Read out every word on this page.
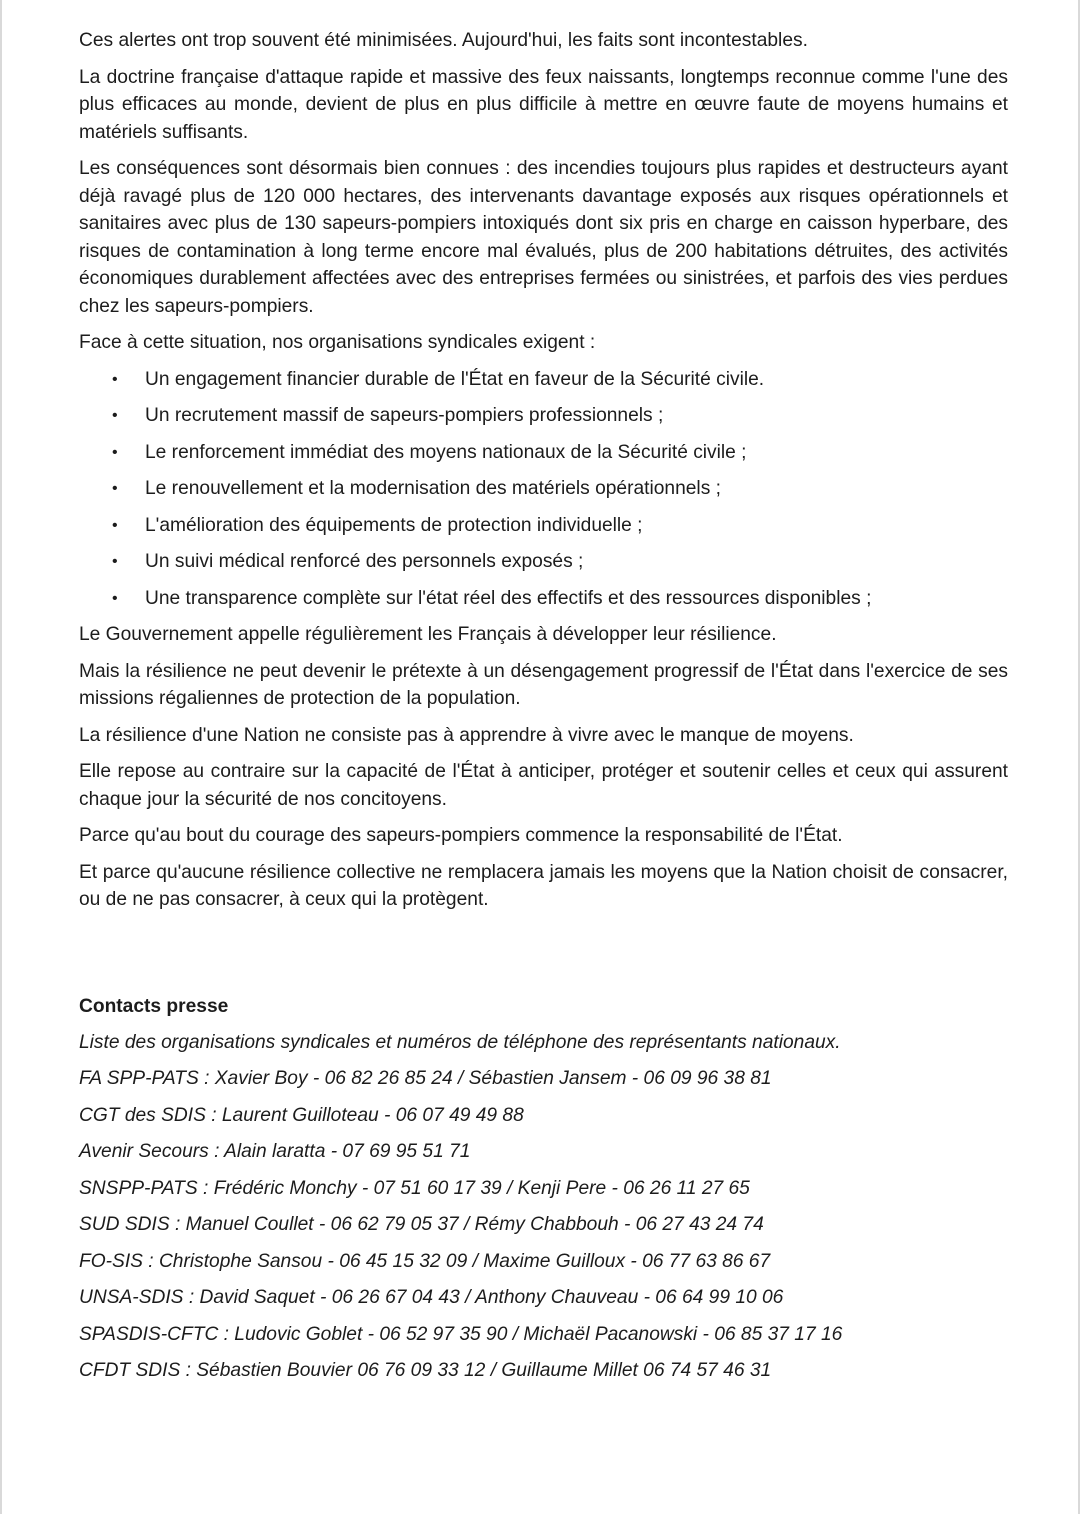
Ces alertes ont trop souvent été minimisées. Aujourd'hui, les faits sont incontestables.

La doctrine française d'attaque rapide et massive des feux naissants, longtemps reconnue comme l'une des plus efficaces au monde, devient de plus en plus difficile à mettre en œuvre faute de moyens humains et matériels suffisants.

Les conséquences sont désormais bien connues : des incendies toujours plus rapides et destructeurs ayant déjà ravagé plus de 120 000 hectares, des intervenants davantage exposés aux risques opérationnels et sanitaires avec plus de 130 sapeurs-pompiers intoxiqués dont six pris en charge en caisson hyperbare, des risques de contamination à long terme encore mal évalués, plus de 200 habitations détruites, des activités économiques durablement affectées avec des entreprises fermées ou sinistrées, et parfois des vies perdues chez les sapeurs-pompiers.

Face à cette situation, nos organisations syndicales exigent :

• Un engagement financier durable de l'État en faveur de la Sécurité civile.
• Un recrutement massif de sapeurs-pompiers professionnels ;
• Le renforcement immédiat des moyens nationaux de la Sécurité civile ;
• Le renouvellement et la modernisation des matériels opérationnels ;
• L'amélioration des équipements de protection individuelle ;
• Un suivi médical renforcé des personnels exposés ;
• Une transparence complète sur l'état réel des effectifs et des ressources disponibles ;

Le Gouvernement appelle régulièrement les Français à développer leur résilience.

Mais la résilience ne peut devenir le prétexte à un désengagement progressif de l'État dans l'exercice de ses missions régaliennes de protection de la population.

La résilience d'une Nation ne consiste pas à apprendre à vivre avec le manque de moyens.

Elle repose au contraire sur la capacité de l'État à anticiper, protéger et soutenir celles et ceux qui assurent chaque jour la sécurité de nos concitoyens.

Parce qu'au bout du courage des sapeurs-pompiers commence la responsabilité de l'État.

Et parce qu'aucune résilience collective ne remplacera jamais les moyens que la Nation choisit de consacrer, ou de ne pas consacrer, à ceux qui la protègent.

Contacts presse
Liste des organisations syndicales et numéros de téléphone des représentants nationaux.
FA SPP-PATS : Xavier Boy - 06 82 26 85 24 / Sébastien Jansem - 06 09 96 38 81
CGT des SDIS : Laurent Guilloteau - 06 07 49 49 88
Avenir Secours : Alain laratta - 07 69 95 51 71
SNSPP-PATS : Frédéric Monchy - 07 51 60 17 39 / Kenji Pere - 06 26 11 27 65
SUD SDIS : Manuel Coullet - 06 62 79 05 37 / Rémy Chabbouh - 06 27 43 24 74
FO-SIS : Christophe Sansou - 06 45 15 32 09 / Maxime Guilloux - 06 77 63 86 67
UNSA-SDIS : David Saquet - 06 26 67 04 43 / Anthony Chauveau - 06 64 99 10 06
SPASDIS-CFTC : Ludovic Goblet - 06 52 97 35 90 / Michaël Pacanowski - 06 85 37 17 16
CFDT SDIS : Sébastien Bouvier 06 76 09 33 12 / Guillaume Millet 06 74 57 46 31
